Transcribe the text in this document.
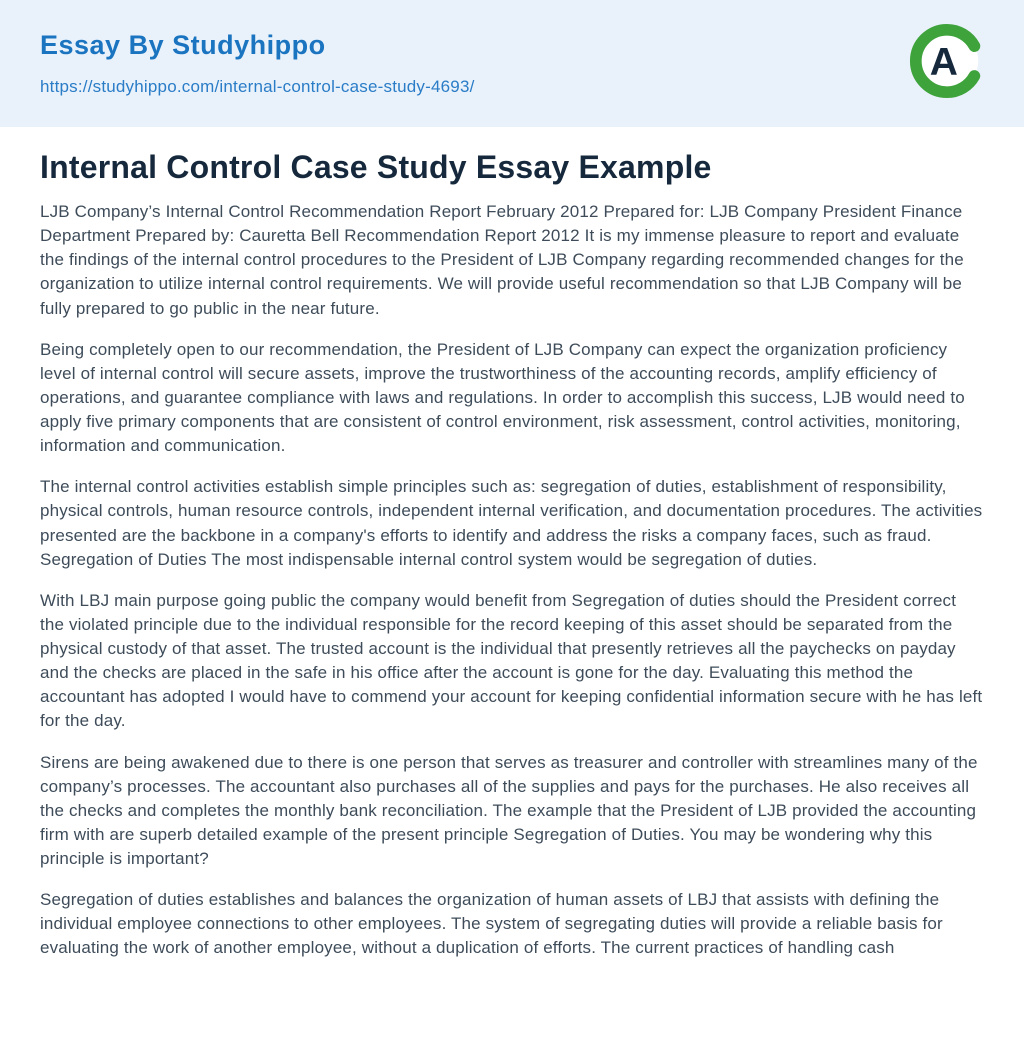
Essay By Studyhippo
https://studyhippo.com/internal-control-case-study-4693/
A
Internal Control Case Study Essay Example

LJB Company’s Internal Control Recommendation Report February 2012 Prepared for: LJB Company President Finance Department Prepared by: Cauretta Bell Recommendation Report 2012 It is my immense pleasure to report and evaluate the findings of the internal control procedures to the President of LJB Company regarding recommended changes for the organization to utilize internal control requirements. We will provide useful recommendation so that LJB Company will be fully prepared to go public in the near future.

Being completely open to our recommendation, the President of LJB Company can expect the organization proficiency level of internal control will secure assets, improve the trustworthiness of the accounting records, amplify efficiency of operations, and guarantee compliance with laws and regulations. In order to accomplish this success, LJB would need to apply five primary components that are consistent of control environment, risk assessment, control activities, monitoring, information and communication.

The internal control activities establish simple principles such as: segregation of duties, establishment of responsibility, physical controls, human resource controls, independent internal verification, and documentation procedures. The activities presented are the backbone in a company's efforts to identify and address the risks a company faces, such as fraud. Segregation of Duties The most indispensable internal control system would be segregation of duties.

With LBJ main purpose going public the company would benefit from Segregation of duties should the President correct the violated principle due to the individual responsible for the record keeping of this asset should be separated from the physical custody of that asset. The trusted account is the individual that presently retrieves all the paychecks on payday and the checks are placed in the safe in his office after the account is gone for the day. Evaluating this method the accountant has adopted I would have to commend your account for keeping confidential information secure with he has left for the day.

Sirens are being awakened due to there is one person that serves as treasurer and controller with streamlines many of the company’s processes. The accountant also purchases all of the supplies and pays for the purchases. He also receives all the checks and completes the monthly bank reconciliation. The example that the President of LJB provided the accounting firm with are superb detailed example of the present principle Segregation of Duties. You may be wondering why this principle is important?

Segregation of duties establishes and balances the organization of human assets of LBJ that assists with defining the individual employee connections to other employees. The system of segregating duties will provide a reliable basis for evaluating the work of another employee, without a duplication of efforts. The current practices of handling cash
